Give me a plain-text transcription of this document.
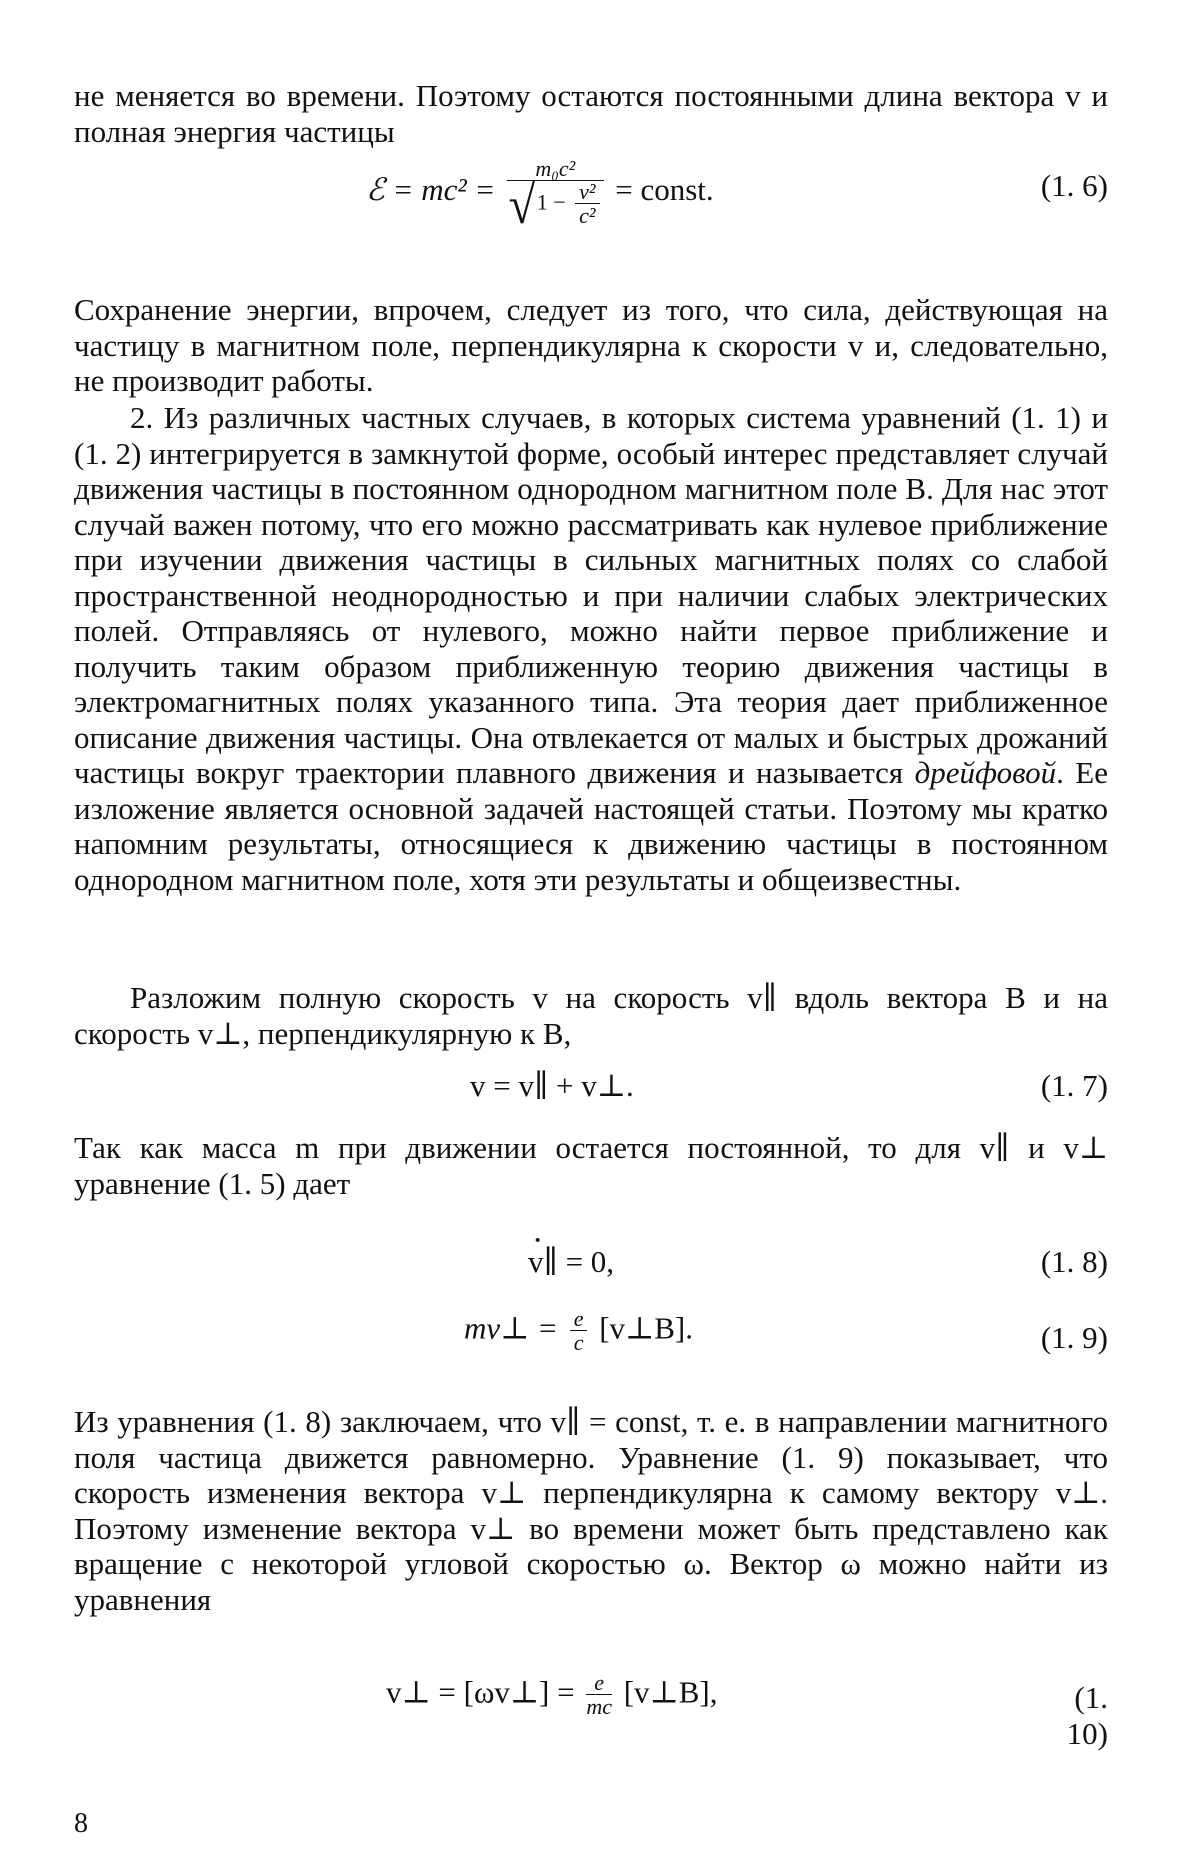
не меняется во времени. Поэтому остаются постоянными длина вектора v и полная энергия частицы

ℰ = $mc^2 = \frac{\text{m₀c²}}{√1 - \frac{\text{v²}}{\text{c²}}}$ = const.	(1. 6)

Сохранение энергии, впрочем, следует из того, что сила, действующая на частицу в магнитном поле, перпендикулярна к скорости v и, следовательно, не производит работы.

2. Из различных частных случаев, в которых система уравнений (1. 1) и (1. 2) интегрируется в замкнутой форме, особый интерес представляет случай движения частицы в постоянном однородном магнитном поле B. Для нас этот случай важен потому, что его можно рассматривать как нулевое приближение при изучении движения частицы в сильных магнитных полях со слабой пространственной неоднородностью и при наличии слабых электрических полей. Отправляясь от нулевого, можно найти первое приближение и получить таким образом приближенную теорию движения частицы в электромагнитных полях указанного типа. Эта теория дает приближенное описание движения частицы. Она отвлекается от малых и быстрых дрожаний частицы вокруг траектории плавного движения и называется дрейфовой. Ее изложение является основной задачей настоящей статьи. Поэтому мы кратко напомним результаты, относящиеся к движению частицы в постоянном однородном магнитном поле, хотя эти результаты и общеизвестны.

Разложим полную скорость v на скорость v∥ вдоль вектора B и на скорость v⊥, перпендикулярную к B,

v = v∥ + v⊥.	(1. 7)

Так как масса m при движении остается постоянной, то для v∥ и v⊥ уравнение (1. 5) дает

· v∥ = 0,	(1. 8)
mv⊥ = $\frac{e}{c}$ [v⊥B].	(1. 9)

Из уравнения (1. 8) заключаем, что v∥ = const, т. е. в направлении магнитного поля частица движется равномерно. Уравнение (1. 9) показывает, что скорость изменения вектора v⊥ перпендикулярна к самому вектору v⊥. Поэтому изменение вектора v⊥ во времени может быть представлено как вращение с некоторой угловой скоростью ω. Вектор ω можно найти из уравнения

v⊥ = [ωv⊥] = $\frac{e}{mc}$ [v⊥B],	(1. 10)
8
